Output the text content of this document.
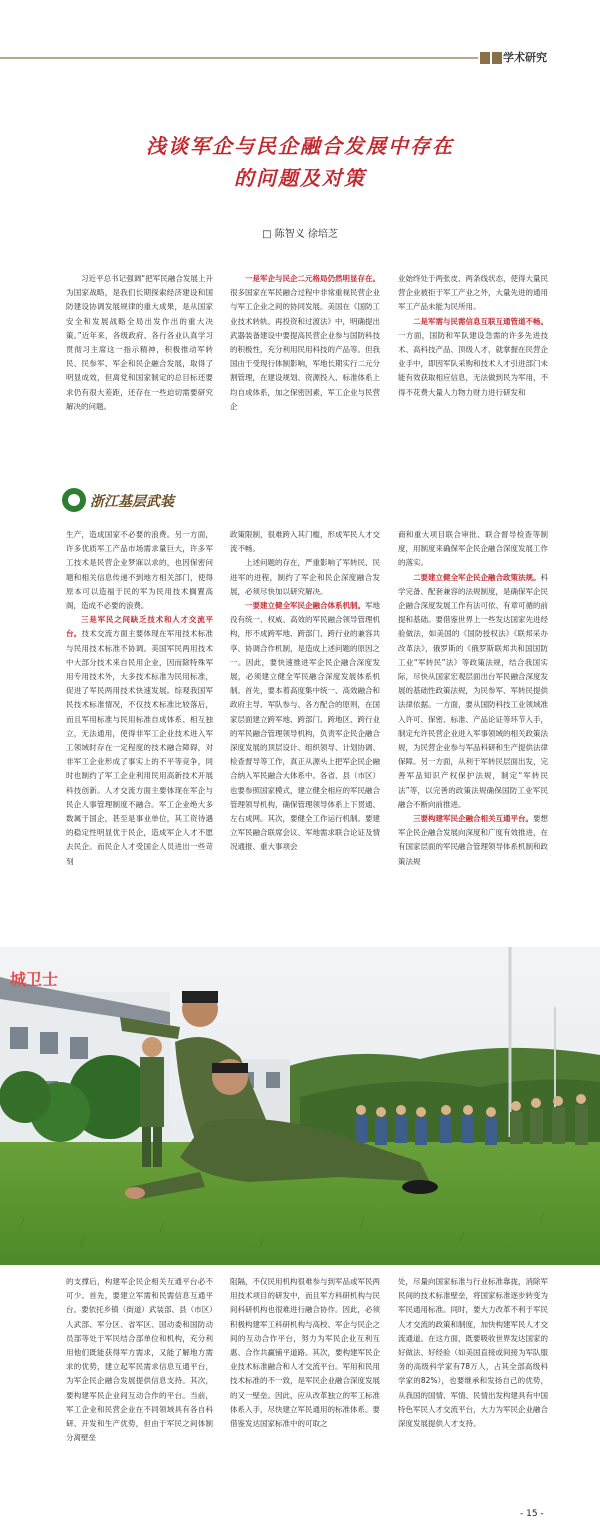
学术研究
浅谈军企与民企融合发展中存在
的问题及对策
□ 陈智义 徐培芝

习近平总书记强调“把军民融合发展上升为国家战略，是我们长期探索经济建设和国防建设协调发展规律的重大成果，是从国家安全和发展战略全局出发作出的重大决策。”近年来，各级政府、各行各业认真学习贯彻习主席这一指示精神，积极推动军转民、民参军、军企和民企融合发展，取得了明显成效，但离党和国家制定的总目标还要求仍有很大差距，还存在一些迫切需要研究解决的问题。

一是军企与民企二元格局仍然明显存在。很多国家在军民融合过程中非常重视民营企业与军工企业之间的协同发展。美国在《国防工业技术转轨、再投资和过渡法》中，明确提出武器装备建设中要提高民营企业参与国防科技的积极性，充分利用民用科技的产品等。但我国由于受现行体制影响，军地长期实行二元分割管理，在建设规划、资源投入、标准体系上均自成体系，加之保密因素，军工企业与民营企

业始终处于两张皮、两条线状态，使得大量民营企业被拒于军工产业之外，大量先进的通用军工产品未能为民所用。

二是军需与民需信息互联互通管道不畅。一方面，国防和军队建设急需的许多先进技术、高科技产品、顶级人才，就掌握在民营企业手中，即因军队采购和技术人才引进部门未能有效获取相应信息，无法做到民为军用，不得不花费大量人力物力财力进行研发和

浙江基层武装

生产，造成国家不必要的浪费。另一方面，许多优质军工产品市场需求量巨大，许多军工技术是民营企业梦寐以求的，也因保密问题和相关信息传递不到地方相关部门，使得原本可以造福于民的军为民用技术搁置高阁，造成不必要的浪费。

三是军民之间缺乏技术和人才交流平台。技术交流方面主要体现在军用技术标准与民用技术标准不协调。美国军民两用技术中大部分技术来自民用企业，因而除特殊军用专用技术外，大多技术标准为民用标准，促进了军民两用技术快速发展。综观我国军民技术标准情况，不仅技术标准比较落后，而且军用标准与民用标准自成体系、相互独立，无法通用，使得非军工企业技术进入军工领域时存在一定程度的技术融合障碍，对非军工企业形成了事实上的不平等竞争，同时也制约了军工企业利用民用高新技术开展科技创新。人才交流方面主要体现在军企与民企人事管理制度不融合。军工企业绝大多数属于国企，甚至是事业单位，其工资待遇的稳定性明显优于民企，造成军企人才不愿去民企。而民企人才受国企人员进出一些苛刻

政策限制，很难跨入其门槛，形成军民人才交流不畅。

上述问题的存在，严重影响了军转民、民进军的进程，制约了军企和民企深度融合发展，必须尽快加以研究解决。

一要建立健全军民企融合体系机制。军地没有统一、权威、高效的军民融合领导管理机构，形不成跨军地、跨部门、跨行业的兼容共享、协调合作机制，是造成上述问题的原因之一。因此，要快速推进军企民企融合深度发展，必须建立健全军民融合深度发展体系机制。首先，要本着高度集中统一、高效融合和政府主导、军队参与、各方配合的原则，在国家层面建立跨军地、跨部门、跨地区、跨行业的军民融合管理领导机构，负责军企民企融合深度发展的顶层设计、组织领导、计划协调、检查督导等工作，真正从源头上把军企民企融合纳入军民融合大体系中。各省、县（市区）也要参照国家模式，建立健全相应的军民融合管理领导机构，确保管理领导体系上下贯通、左右成网。其次，要健全工作运行机制。要建立军民融合联席会议、军地需求联合论证及情况通报、重大事项会

商和重大项目联合审批、联合督导检查等制度，用制度来确保军企民企融合深度发展工作的落实。

二要建立健全军企民企融合政策法规。科学完备、配套兼容的法规制度，是确保军企民企融合深度发展工作有法可依、有章可循的前提和基础。要借鉴世界上一些发达国家先进经验做法，如美国的《国防授权法》《联邦采办改革法》，俄罗斯的《俄罗斯联邦共和国国防工业“军转民”法》等政策法规，结合我国实际，尽快从国家宏观层面出台军民融合深度发展的基础性政策法规，为民参军、军转民提供法律依据。一方面，要从国防科技工业领域准入许可、保密、标准、产品论证等环节入手，制定允许民营企业进入军事领域的相关政策法规，为民营企业参与军品科研和生产提供法律保障。另一方面，从利于军转民层面出发，完善军品知识产权保护法规，制定“军转民法”等，以完善的政策法规确保国防工业军民融合不断向前推进。

三要构建军民企融合相关互通平台。要想军企民企融合发展向深度和广度有效推进，在有国家层面的军民融合管理领导体系机制和政策法规

城卫士

的支撑后，构建军企民企相关互通平台必不可少。首先，要建立军需和民需信息互通平台。要依托乡镇（街道）武装部、县（市区）人武部、军分区、省军区、国动委和国防动员部等处于军民结合部单位和机构，充分利用他们既能获得军方需求，又能了解地方需求的优势，建立起军民需求信息互通平台，为军企民企融合发展提供信息支持。其次，要构建军民企业间互动合作的平台。当前，军工企业和民营企业在不同领域具有各自科研、开发和生产优势，但由于军民之间体制分离壁垒

阻隔，不仅民用机构很难参与到军品或军民两用技术项目的研发中，而且军方科研机构与民间科研机构也很难进行融合协作。因此，必须积极构建军工科研机构与高校、军企与民企之间的互动合作平台，努力为军民企业互利互惠、合作共赢铺平道路。其次，要构建军民企业技术标准融合和人才交流平台。军用和民用技术标准的不一致，是军民企业融合深度发展的又一壁垒。因此，应从改革独立的军工标准体系入手，尽快建立军民通用的标准体系。要借鉴发达国家标准中的可取之

处，尽量向国家标准与行业标准靠拢，消除军民间的技术标准壁垒，将国家标准逐步转变为军民通用标准。同时，要大力改革不利于军民人才交流的政策和制度，加快构建军民人才交流通道。在这方面，既要吸收世界发达国家的好做法、好经验（如美国直接或间接为军队服务的高级科学家有78万人，占其全部高级科学家的82%），也要继承和发扬自己的优势，从我国的国情、军情、民情出发构建具有中国特色军民人才交流平台，大力为军民企业融合深度发展提供人才支持。

- 15 -
